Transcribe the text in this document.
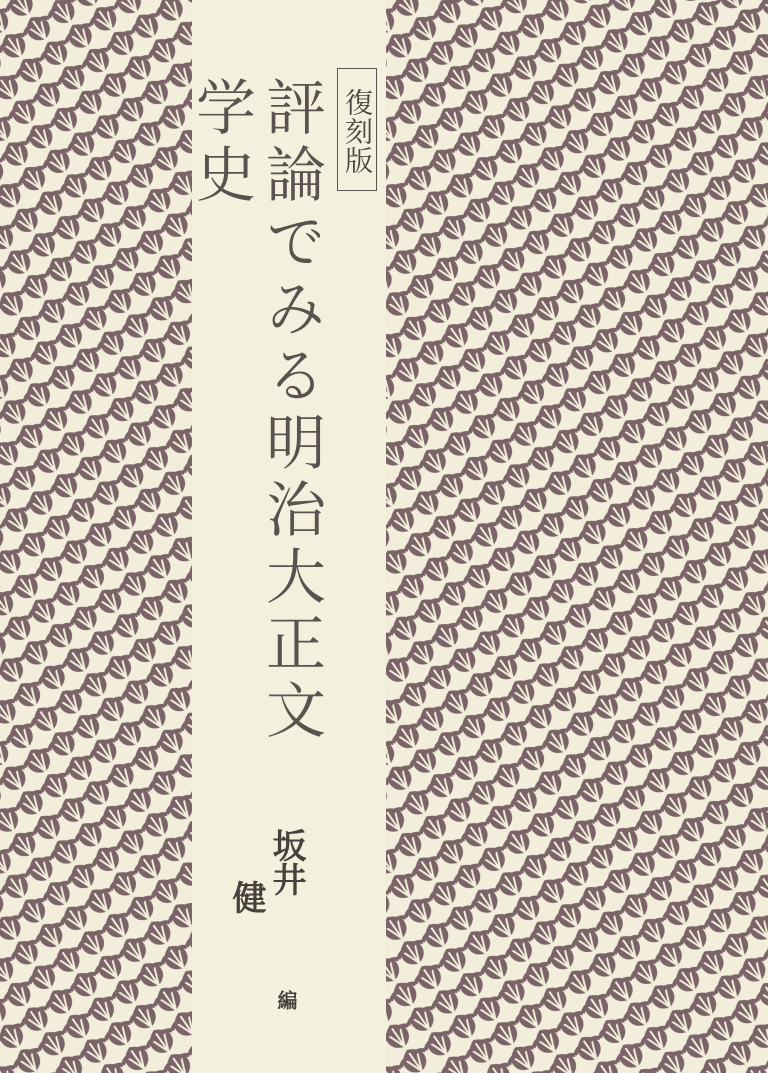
復刻版
評論でみる明治大正文学史
坂井健
編
